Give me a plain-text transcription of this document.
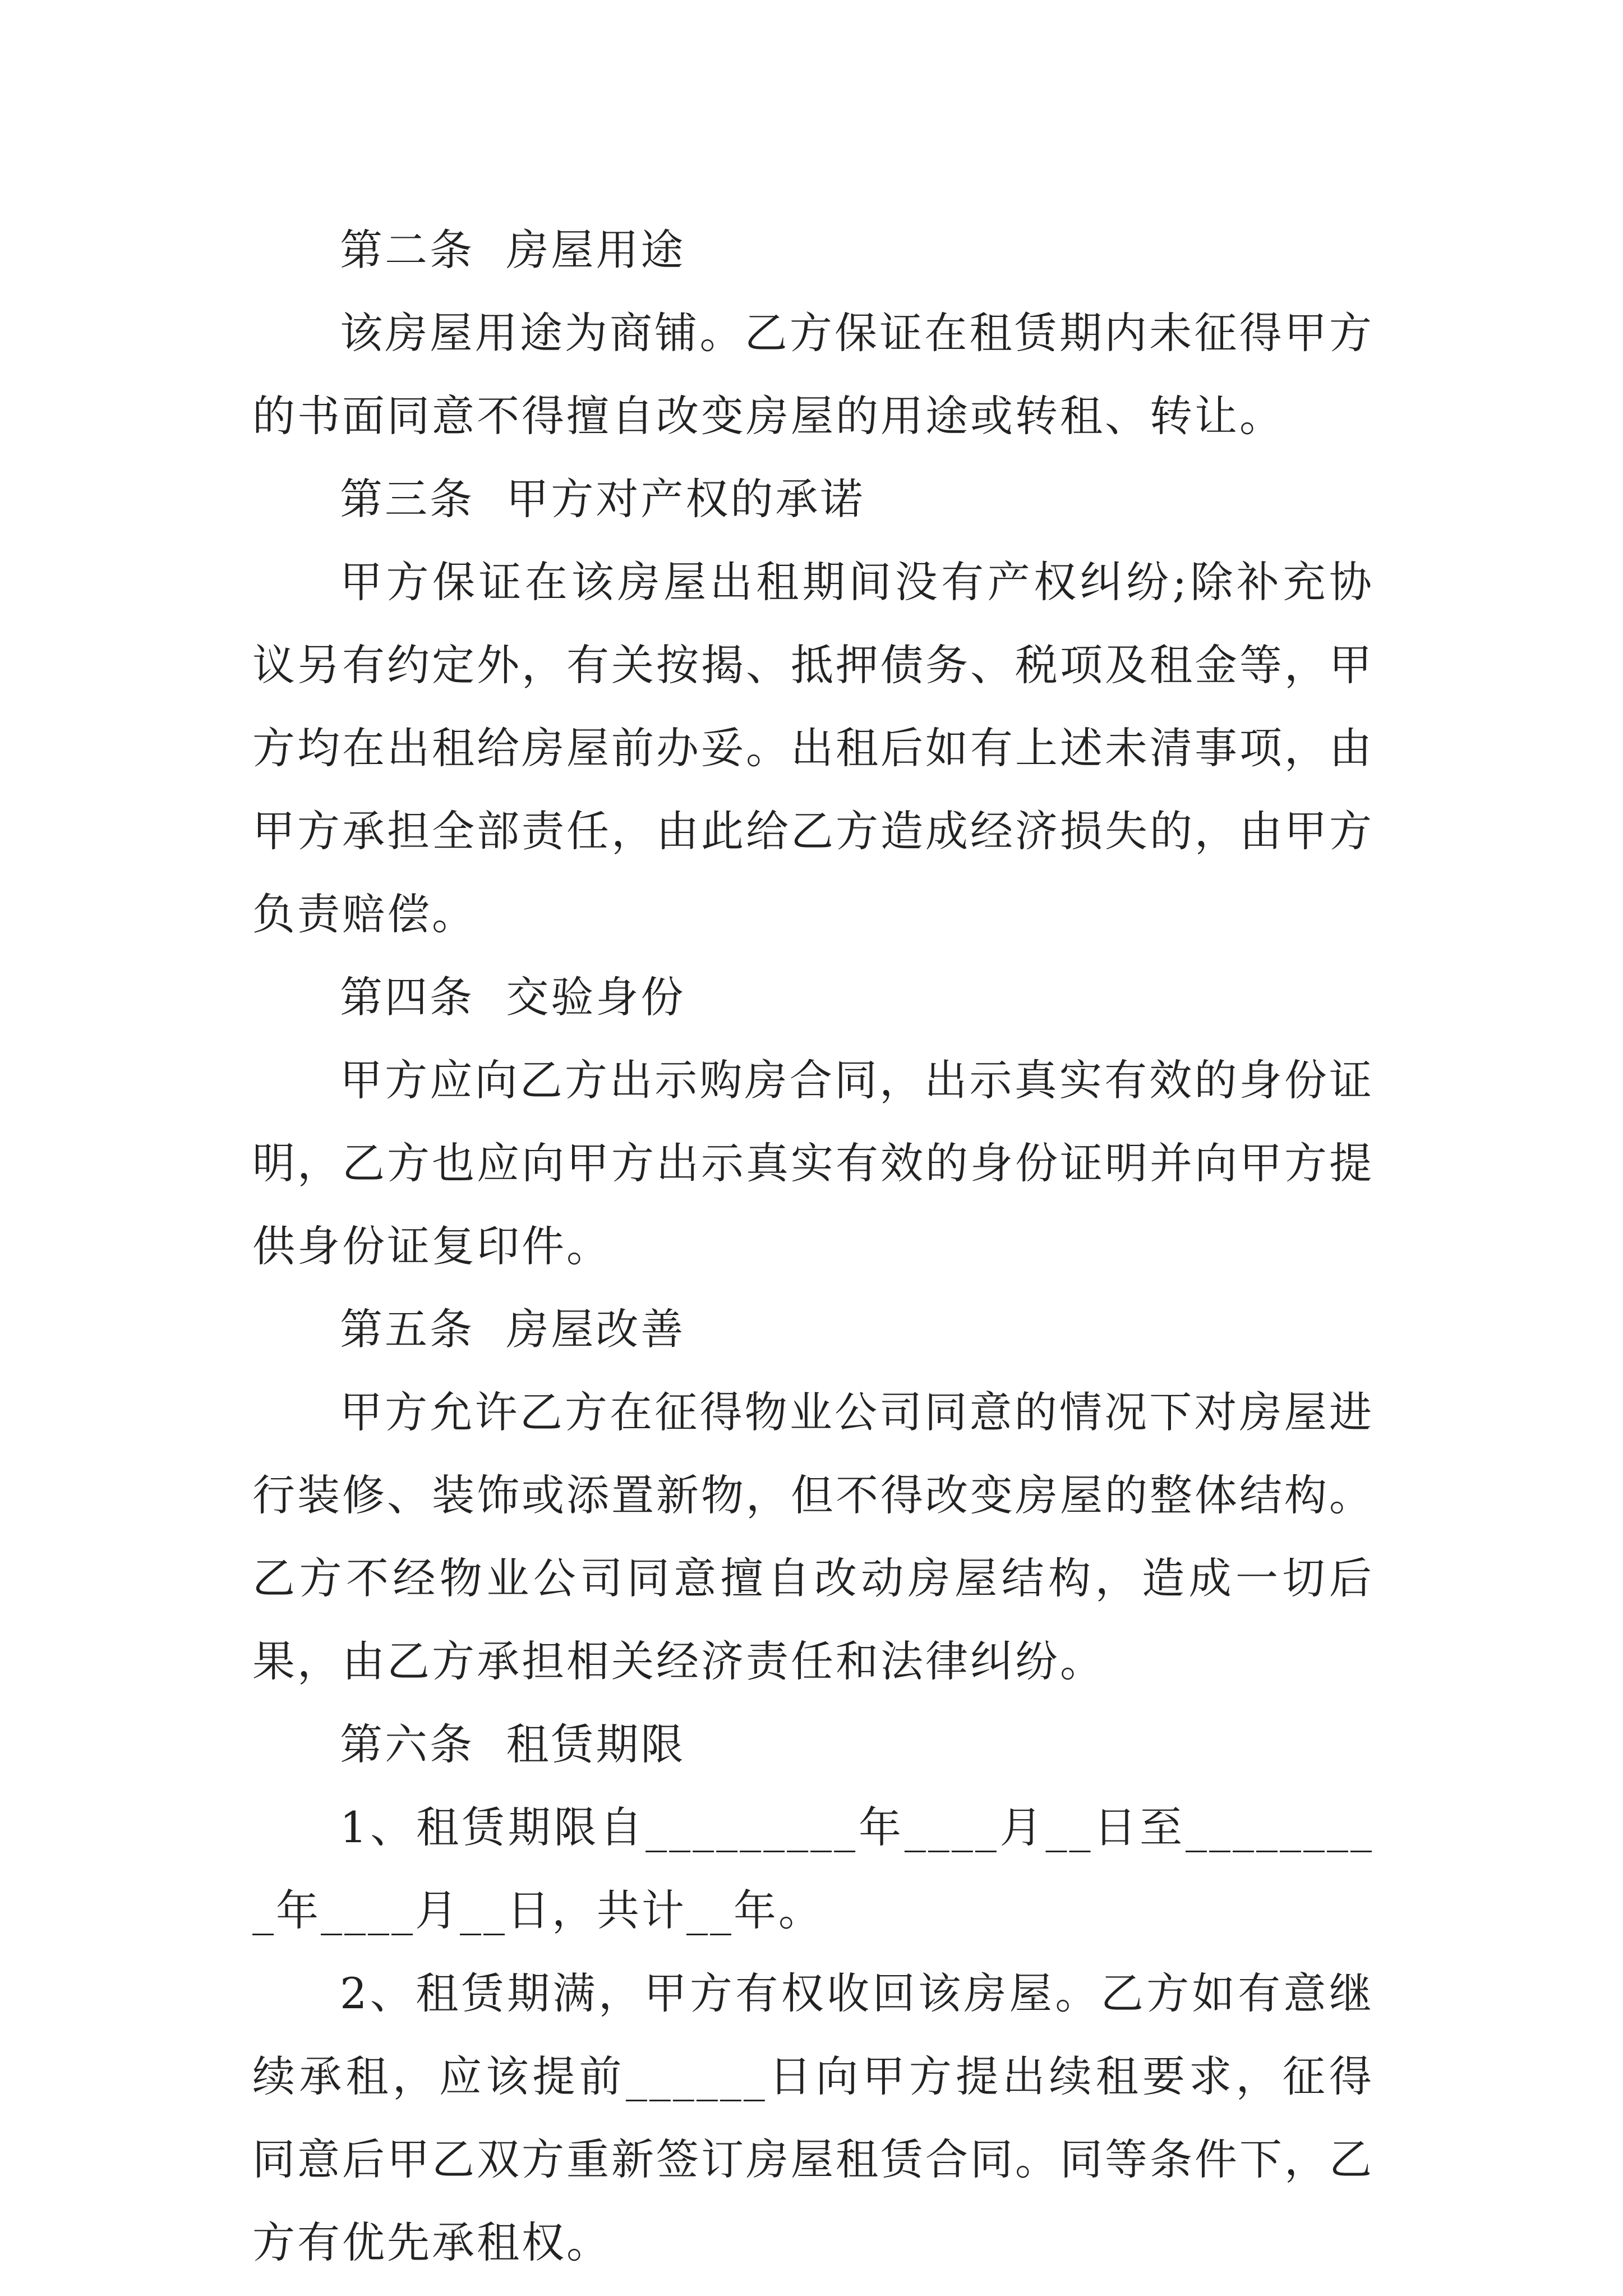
第二条  房屋用途

该房屋用途为商铺。乙方保证在租赁期内未征得甲方的书面同意不得擅自改变房屋的用途或转租、转让。

第三条  甲方对产权的承诺

甲方保证在该房屋出租期间没有产权纠纷;除补充协议另有约定外，有关按揭、抵押债务、税项及租金等，甲方均在出租给房屋前办妥。出租后如有上述未清事项，由甲方承担全部责任，由此给乙方造成经济损失的，由甲方负责赔偿。

第四条  交验身份

甲方应向乙方出示购房合同，出示真实有效的身份证明，乙方也应向甲方出示真实有效的身份证明并向甲方提供身份证复印件。

第五条  房屋改善

甲方允许乙方在征得物业公司同意的情况下对房屋进行装修、装饰或添置新物，但不得改变房屋的整体结构。乙方不经物业公司同意擅自改动房屋结构，造成一切后果，由乙方承担相关经济责任和法律纠纷。

第六条  租赁期限

1、租赁期限自_________年____月__日至_________年____月__日，共计__年。

2、租赁期满，甲方有权收回该房屋。乙方如有意继续承租，应该提前______日向甲方提出续租要求，征得同意后甲乙双方重新签订房屋租赁合同。同等条件下，乙方有优先承租权。
